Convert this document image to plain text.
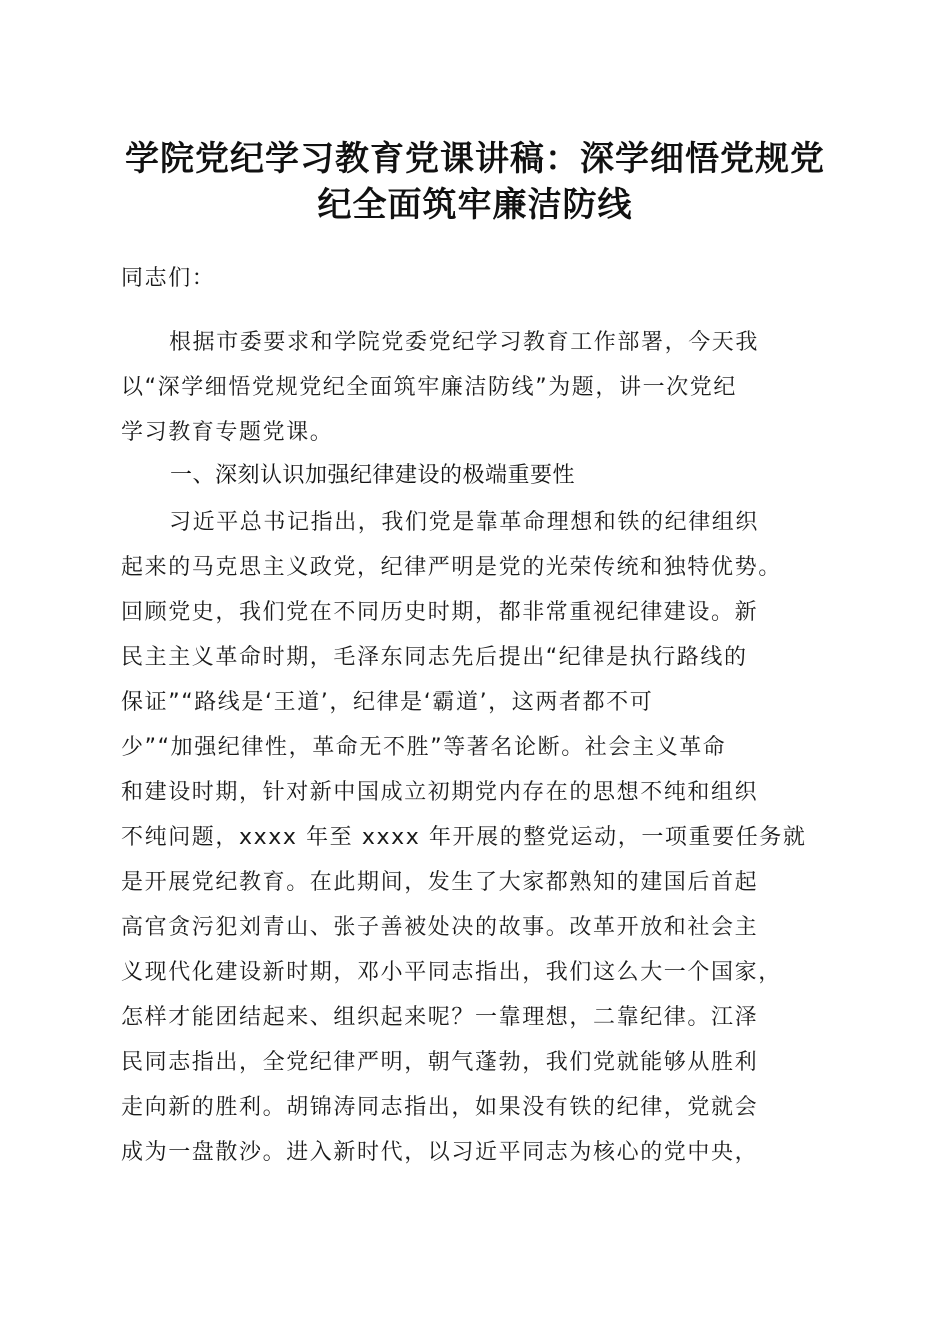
学院党纪学习教育党课讲稿：深学细悟党规党
纪全面筑牢廉洁防线
同志们：
根据市委要求和学院党委党纪学习教育工作部署，今天我
以“深学细悟党规党纪全面筑牢廉洁防线”为题，讲一次党纪
学习教育专题党课。
一、深刻认识加强纪律建设的极端重要性
习近平总书记指出，我们党是靠革命理想和铁的纪律组织
起来的马克思主义政党，纪律严明是党的光荣传统和独特优势。
回顾党史，我们党在不同历史时期，都非常重视纪律建设。新
民主主义革命时期，毛泽东同志先后提出“纪律是执行路线的
保证”“路线是‘王道’，纪律是‘霸道’，这两者都不可
少”“加强纪律性，革命无不胜”等著名论断。社会主义革命
和建设时期，针对新中国成立初期党内存在的思想不纯和组织
不纯问题，xxxx 年至 xxxx 年开展的整党运动，一项重要任务就
是开展党纪教育。在此期间，发生了大家都熟知的建国后首起
高官贪污犯刘青山、张子善被处决的故事。改革开放和社会主
义现代化建设新时期，邓小平同志指出，我们这么大一个国家，
怎样才能团结起来、组织起来呢？一靠理想，二靠纪律。江泽
民同志指出，全党纪律严明，朝气蓬勃，我们党就能够从胜利
走向新的胜利。胡锦涛同志指出，如果没有铁的纪律，党就会
成为一盘散沙。进入新时代，以习近平同志为核心的党中央，
